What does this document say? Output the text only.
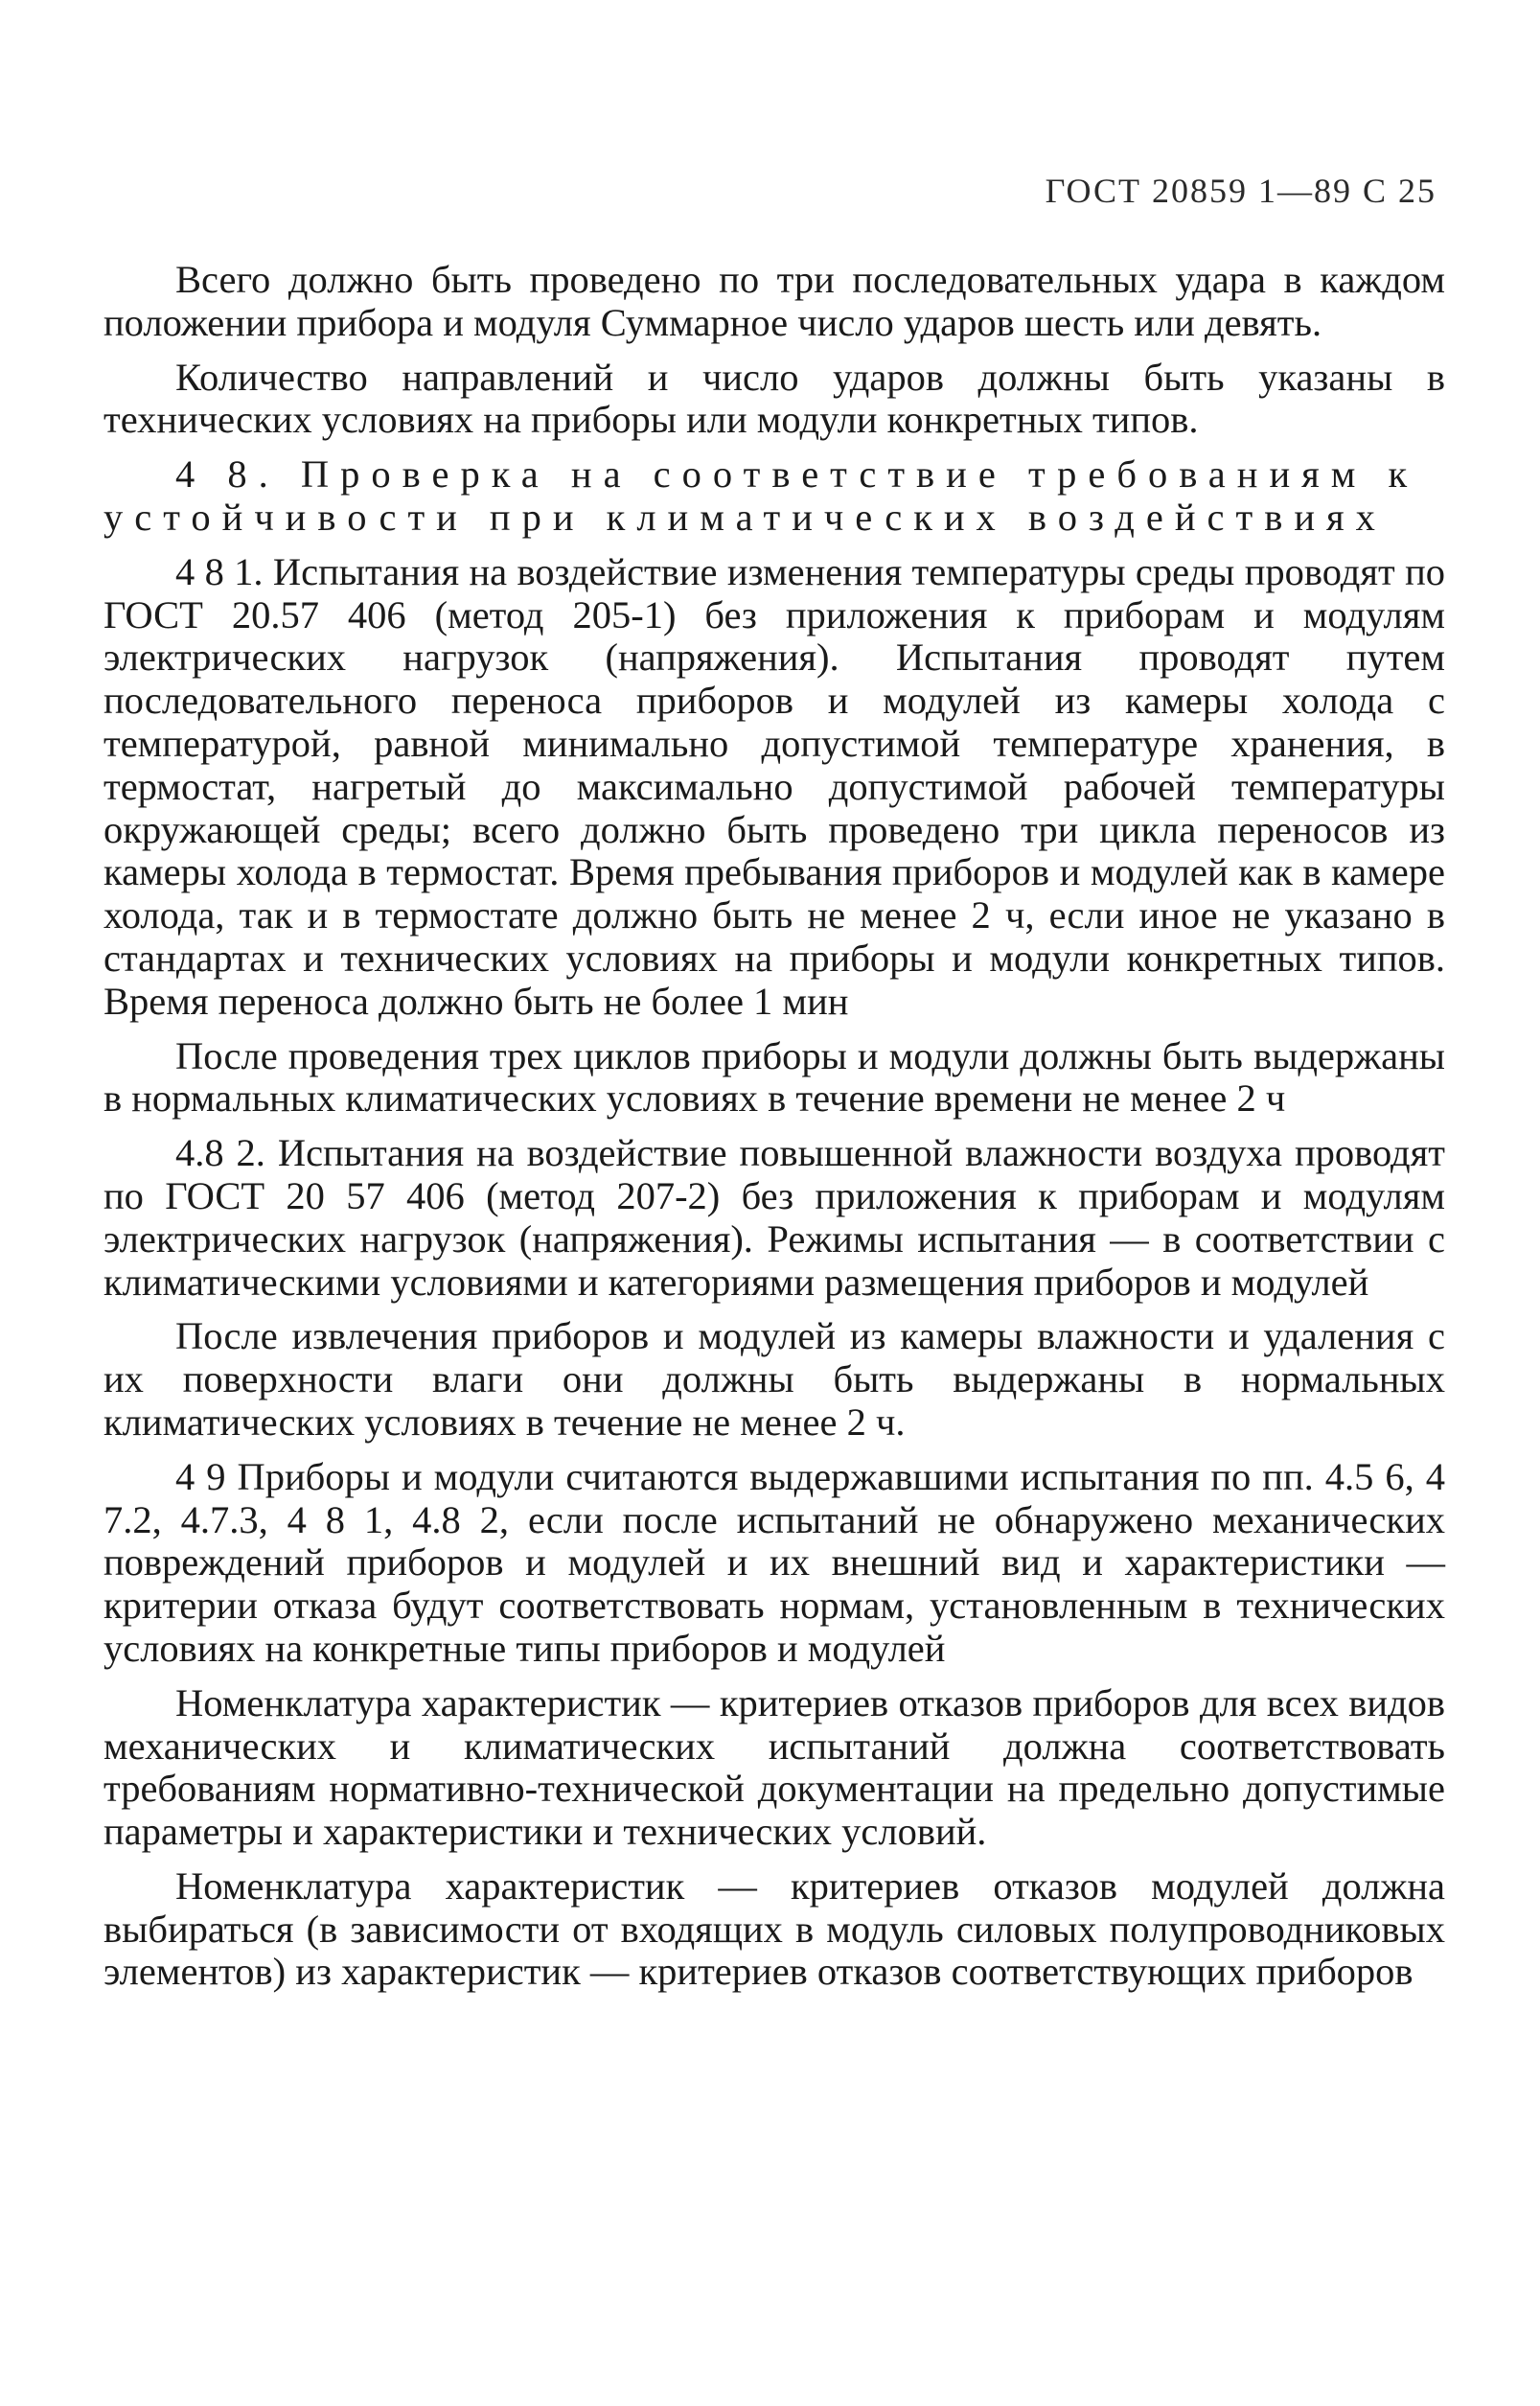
ГОСТ 20859 1—89 С 25

Всего должно быть проведено по три последовательных удара в каждом положении прибора и модуля Суммарное число ударов шесть или девять.

Количество направлений и число ударов должны быть указаны в технических условиях на приборы или модули конкретных типов.

4 8. Проверка на соответствие требованиям к устойчивости при климатических воздействиях

4 8 1. Испытания на воздействие изменения температуры среды проводят по ГОСТ 20.57 406 (метод 205-1) без приложения к приборам и модулям электрических нагрузок (напряжения). Испытания проводят путем последовательного переноса приборов и модулей из камеры холода с температурой, равной минимально допустимой температуре хранения, в термостат, нагретый до максимально допустимой рабочей температуры окружающей среды; всего должно быть проведено три цикла переносов из камеры холода в термостат. Время пребывания приборов и модулей как в камере холода, так и в термостате должно быть не менее 2 ч, если иное не указано в стандартах и технических условиях на приборы и модули конкретных типов. Время переноса должно быть не более 1 мин

После проведения трех циклов приборы и модули должны быть выдержаны в нормальных климатических условиях в течение времени не менее 2 ч

4.8 2. Испытания на воздействие повышенной влажности воздуха проводят по ГОСТ 20 57 406 (метод 207-2) без приложения к приборам и модулям электрических нагрузок (напряжения). Режимы испытания — в соответствии с климатическими условиями и категориями размещения приборов и модулей

После извлечения приборов и модулей из камеры влажности и удаления с их поверхности влаги они должны быть выдержаны в нормальных климатических условиях в течение не менее 2 ч.

4 9 Приборы и модули считаются выдержавшими испытания по пп. 4.5 6, 4 7.2, 4.7.3, 4 8 1, 4.8 2, если после испытаний не обнаружено механических повреждений приборов и модулей и их внешний вид и характеристики — критерии отказа будут соответствовать нормам, установленным в технических условиях на конкретные типы приборов и модулей

Номенклатура характеристик — критериев отказов приборов для всех видов механических и климатических испытаний должна соответствовать требованиям нормативно-технической документации на предельно допустимые параметры и характеристики и технических условий.

Номенклатура характеристик — критериев отказов модулей должна выбираться (в зависимости от входящих в модуль силовых полупроводниковых элементов) из характеристик — критериев отказов соответствующих приборов
